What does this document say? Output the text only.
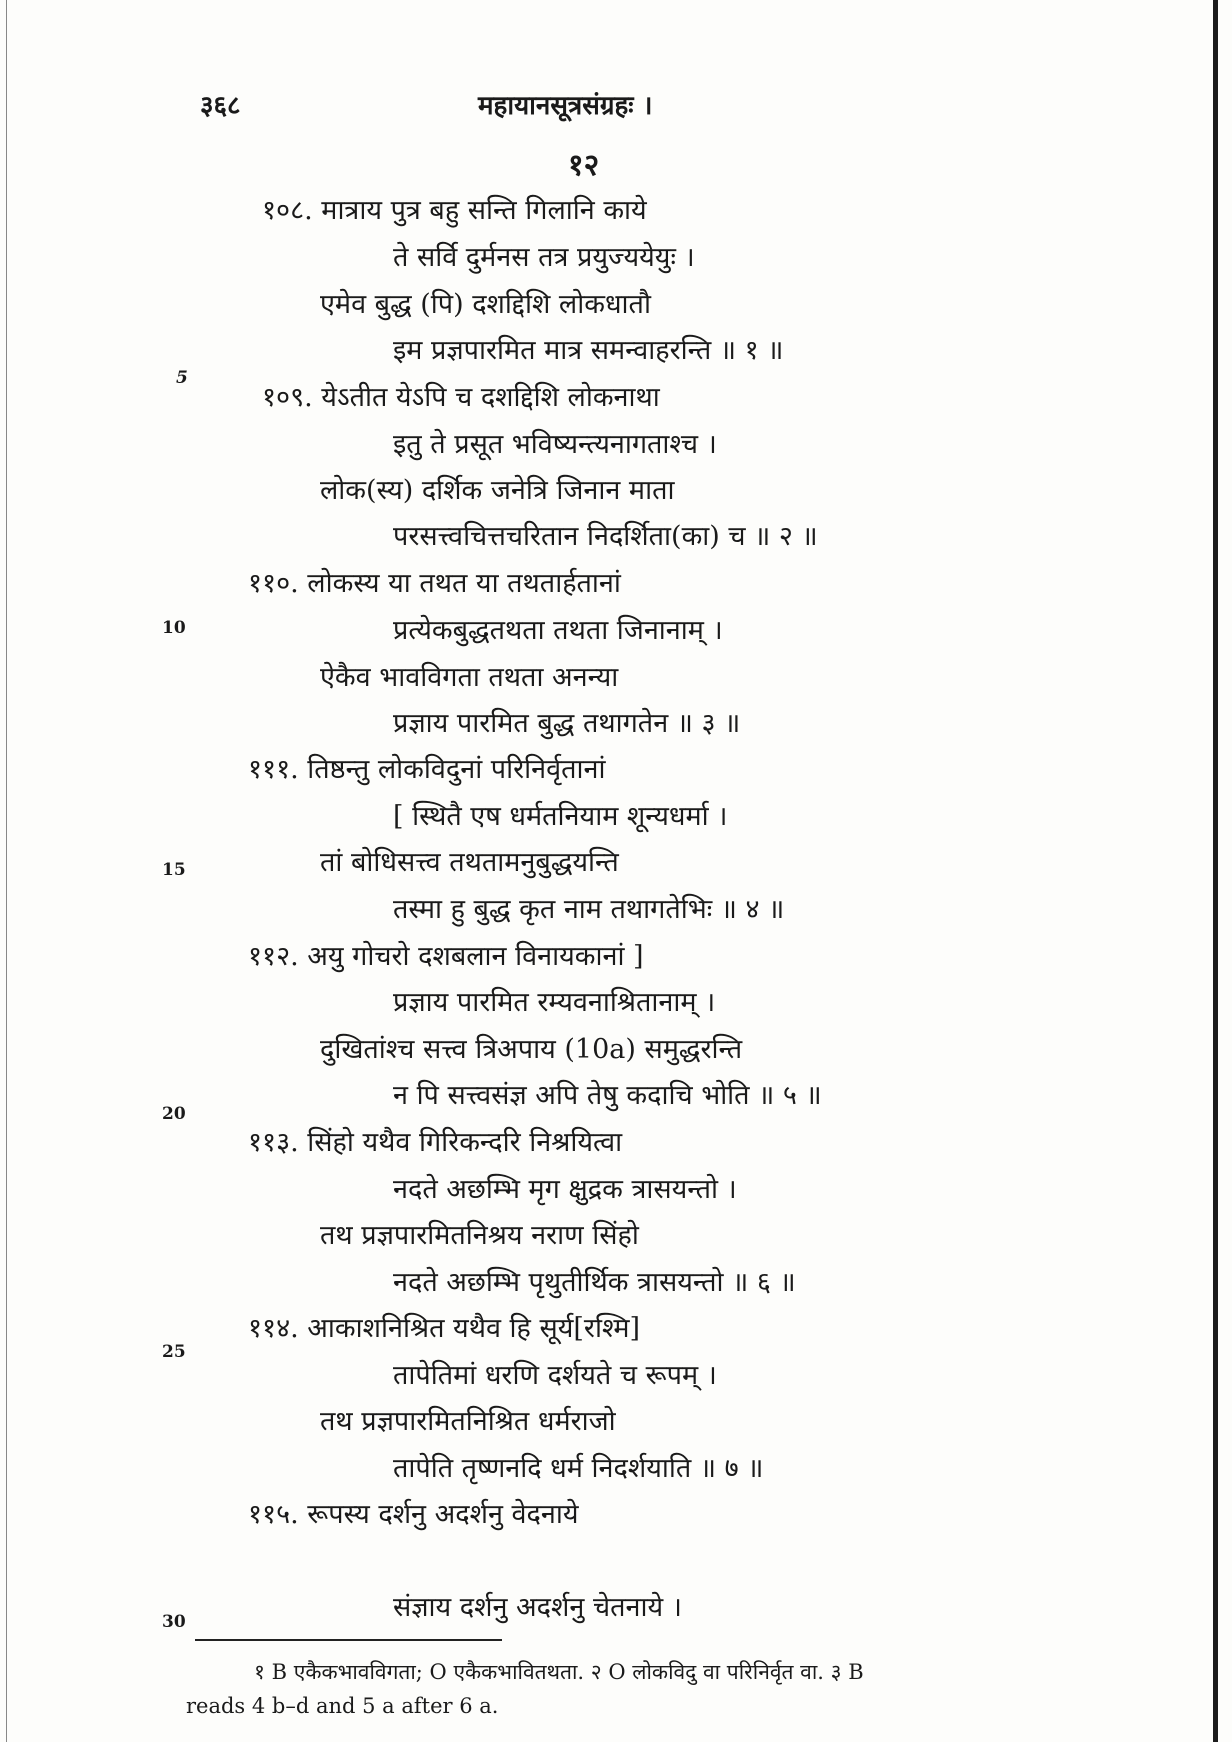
३६८	महायानसूत्रसंग्रहः ।
१२
१०८. मात्राय पुत्र बहु सन्ति गिलानि काये
ते सर्वि दुर्मनस तत्र प्रयुज्ययेयुः ।
एमेव बुद्ध (पि) दशद्दिशि लोकधातौ
इम प्रज्ञपारमित मात्र समन्वाहरन्ति ॥ १ ॥
१०९. येऽतीत येऽपि च दशद्दिशि लोकनाथा
इतु ते प्रसूत भविष्यन्त्यनागताश्च ।
लोक(स्य) दर्शिक जनेत्रि जिनान माता
परसत्त्वचित्तचरितान निदर्शिता(का) च ॥ २ ॥
११०. लोकस्य या तथत या तथतार्हतानां
प्रत्येकबुद्धतथता तथता जिनानाम् ।
ऐकैव भावविगता तथता अनन्या
प्रज्ञाय पारमित बुद्ध तथागतेन ॥ ३ ॥
१११. तिष्ठन्तु लोकविदुनां परिनिर्वृतानां
[ स्थितै एष धर्मतनियाम शून्यधर्मा ।
तां बोधिसत्त्व तथतामनुबुद्धयन्ति
तस्मा हु बुद्ध कृत नाम तथागतेभिः ॥ ४ ॥
११२. अयु गोचरो दशबलान विनायकानां ]
प्रज्ञाय पारमित रम्यवनाश्रितानाम् ।
दुखितांश्च सत्त्व त्रिअपाय (10a) समुद्धरन्ति
न पि सत्त्वसंज्ञ अपि तेषु कदाचि भोति ॥ ५ ॥
११३. सिंहो यथैव गिरिकन्दरि निश्रयित्वा
नदते अछम्भि मृग क्षुद्रक त्रासयन्तो ।
तथ प्रज्ञपारमितनिश्रय नराण सिंहो
नदते अछम्भि पृथुतीर्थिक त्रासयन्तो ॥ ६ ॥
११४. आकाशनिश्रित यथैव हि सूर्य[रश्मि]
तापेतिमां धरणि दर्शयते च रूपम् ।
तथ प्रज्ञपारमितनिश्रित धर्मराजो
तापेति तृष्णनदि धर्म निदर्शयाति ॥ ७ ॥
११५. रूपस्य दर्शनु अदर्शनु वेदनाये
संज्ञाय दर्शनु अदर्शनु चेतनाये ।
5
10
15
20
25
30
१ B एकैकभावविगता; O एकैकभावितथता. २ O लोकविदु वा परिनिर्वृत वा. ३ B
reads 4 b–d and 5 a after 6 a.
